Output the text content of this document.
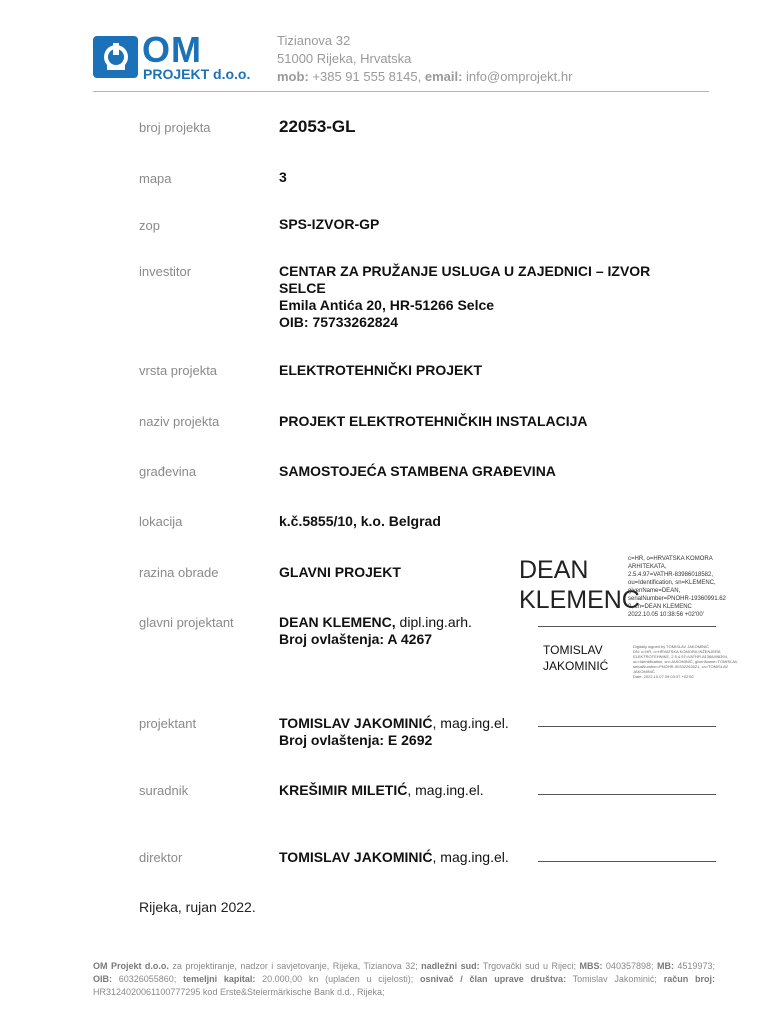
OM
PROJEKT d.o.o.
Tizianova 32
51000 Rijeka, Hrvatska
mob: +385 91 555 8145, email: info@omprojekt.hr
broj projekta	22053-GL
mapa	3
zop	SPS-IZVOR-GP
investitor	CENTAR ZA PRUŽANJE USLUGA U ZAJEDNICI – IZVOR
SELCE
Emila Antića 20, HR-51266 Selce
OIB: 75733262824
vrsta projekta	ELEKTROTEHNIČKI PROJEKT
naziv projekta	PROJEKT ELEKTROTEHNIČKIH INSTALACIJA
građevina	SAMOSTOJEĆA STAMBENA GRAĐEVINA
lokacija	k.č.5855/10, k.o. Belgrad
razina obrade	GLAVNI PROJEKT
glavni projektant	DEAN KLEMENC, dipl.ing.arh.
Broj ovlaštenja: A 4267
DEAN
KLEMENC
c=HR, o=HRVATSKA KOMORA
ARHITEKATA,
2.5.4.97=VATHR-83986018582,
ou=Identification, sn=KLEMENC,
givenName=DEAN,
serialNumber=PNOHR-19360991.62
0, cn=DEAN KLEMENC
2022.10.05 10:38:56 +02'00'
TOMISLAV
JAKOMINIĆ
Digitally signed by TOMISLAV JAKOMINIĆ
DN: c=HR, o=HRVATSKA KOMORA INŽENJERA
ELEKTROTEHNIKE, 2.5.4.97=VATHR-81368498394,
ou=Identification, sn=JAKOMINIĆ, givenName=TOMISLAV,
serialNumber=PNOHR-90332263021, cn=TOMISLAV
JAKOMINIĆ
Date: 2022.10.07 09:03:37 +02'00'
projektant	TOMISLAV JAKOMINIĆ, mag.ing.el.
Broj ovlaštenja: E 2692
suradnik	KREŠIMIR MILETIĆ, mag.ing.el.
direktor	TOMISLAV JAKOMINIĆ, mag.ing.el.
Rijeka, rujan 2022.
OM Projekt d.o.o. za projektiranje, nadzor i savjetovanje, Rijeka, Tizianova 32; nadležni sud: Trgovački sud u Rijeci; MBS: 040357898; MB: 4519973; OIB: 60326055860; temeljni kapital: 20.000,00 kn (uplaćen u cijelosti); osnivač / član uprave društva: Tomislav Jakominić; račun broj: HR3124020061100777295 kod Erste&Steiermärkische Bank d.d., Rijeka;
